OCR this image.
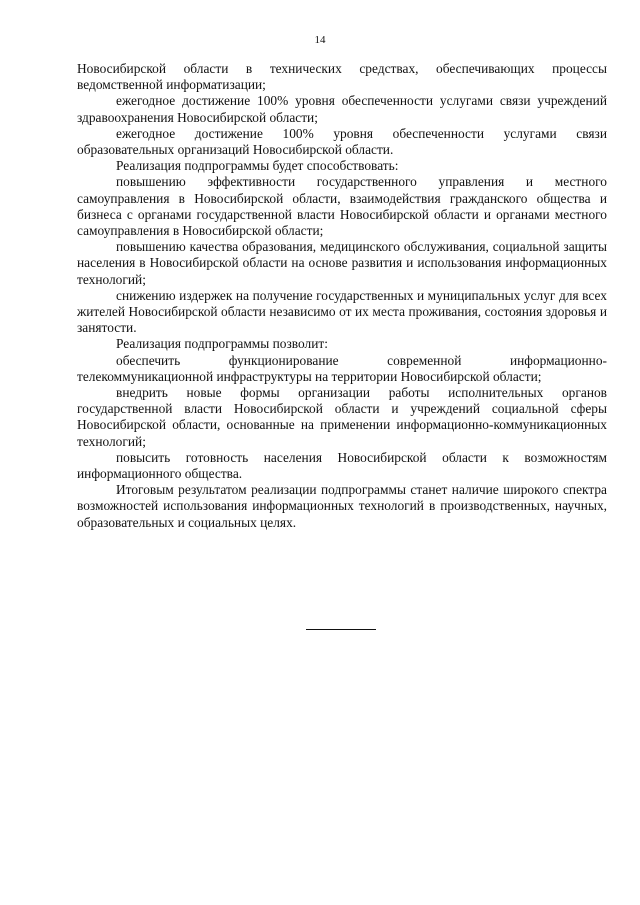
14

Новосибирской области в технических средствах, обеспечивающих процессы ведомственной информатизации;

ежегодное достижение 100% уровня обеспеченности услугами связи учреждений здравоохранения Новосибирской области;

ежегодное достижение 100% уровня обеспеченности услугами связи образовательных организаций Новосибирской области.

Реализация подпрограммы будет способствовать:

повышению эффективности государственного управления и местного самоуправления в Новосибирской области, взаимодействия гражданского общества и бизнеса с органами государственной власти Новосибирской области и органами местного самоуправления в Новосибирской области;

повышению качества образования, медицинского обслуживания, социальной защиты населения в Новосибирской области на основе развития и использования информационных технологий;

снижению издержек на получение государственных и муниципальных услуг для всех жителей Новосибирской области независимо от их места проживания, состояния здоровья и занятости.

Реализация подпрограммы позволит:

обеспечить функционирование современной информационно-телекоммуникационной инфраструктуры на территории Новосибирской области;

внедрить новые формы организации работы исполнительных органов государственной власти Новосибирской области и учреждений социальной сферы Новосибирской области, основанные на применении информационно-коммуникационных технологий;

повысить готовность населения Новосибирской области к возможностям информационного общества.

Итоговым результатом реализации подпрограммы станет наличие широкого спектра возможностей использования информационных технологий в производственных, научных, образовательных и социальных целях.
